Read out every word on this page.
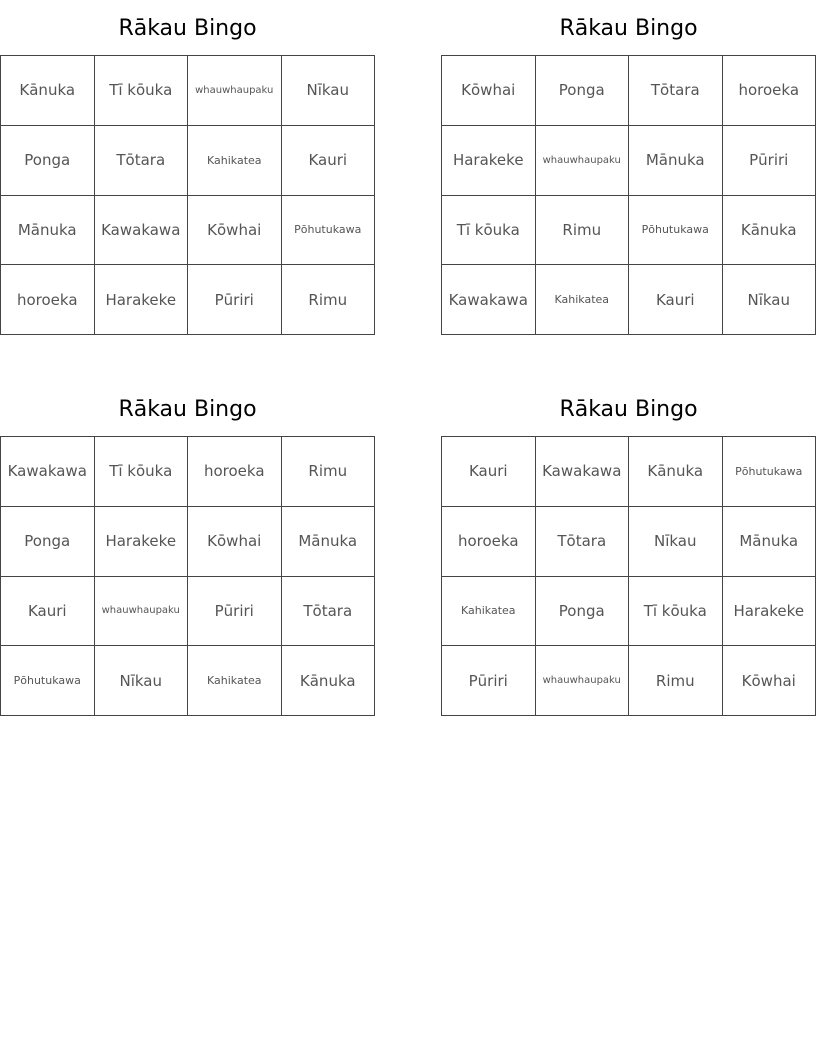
Rākau Bingo
Kānuka	Tī kōuka	whauwhaupaku	Nīkau
Ponga	Tōtara	Kahikatea	Kauri
Mānuka	Kawakawa	Kōwhai	Pōhutukawa
horoeka	Harakeke	Pūriri	Rimu
Rākau Bingo
Kōwhai	Ponga	Tōtara	horoeka
Harakeke	whauwhaupaku	Mānuka	Pūriri
Tī kōuka	Rimu	Pōhutukawa	Kānuka
Kawakawa	Kahikatea	Kauri	Nīkau
Rākau Bingo
Kawakawa	Tī kōuka	horoeka	Rimu
Ponga	Harakeke	Kōwhai	Mānuka
Kauri	whauwhaupaku	Pūriri	Tōtara
Pōhutukawa	Nīkau	Kahikatea	Kānuka
Rākau Bingo
Kauri	Kawakawa	Kānuka	Pōhutukawa
horoeka	Tōtara	Nīkau	Mānuka
Kahikatea	Ponga	Tī kōuka	Harakeke
Pūriri	whauwhaupaku	Rimu	Kōwhai
